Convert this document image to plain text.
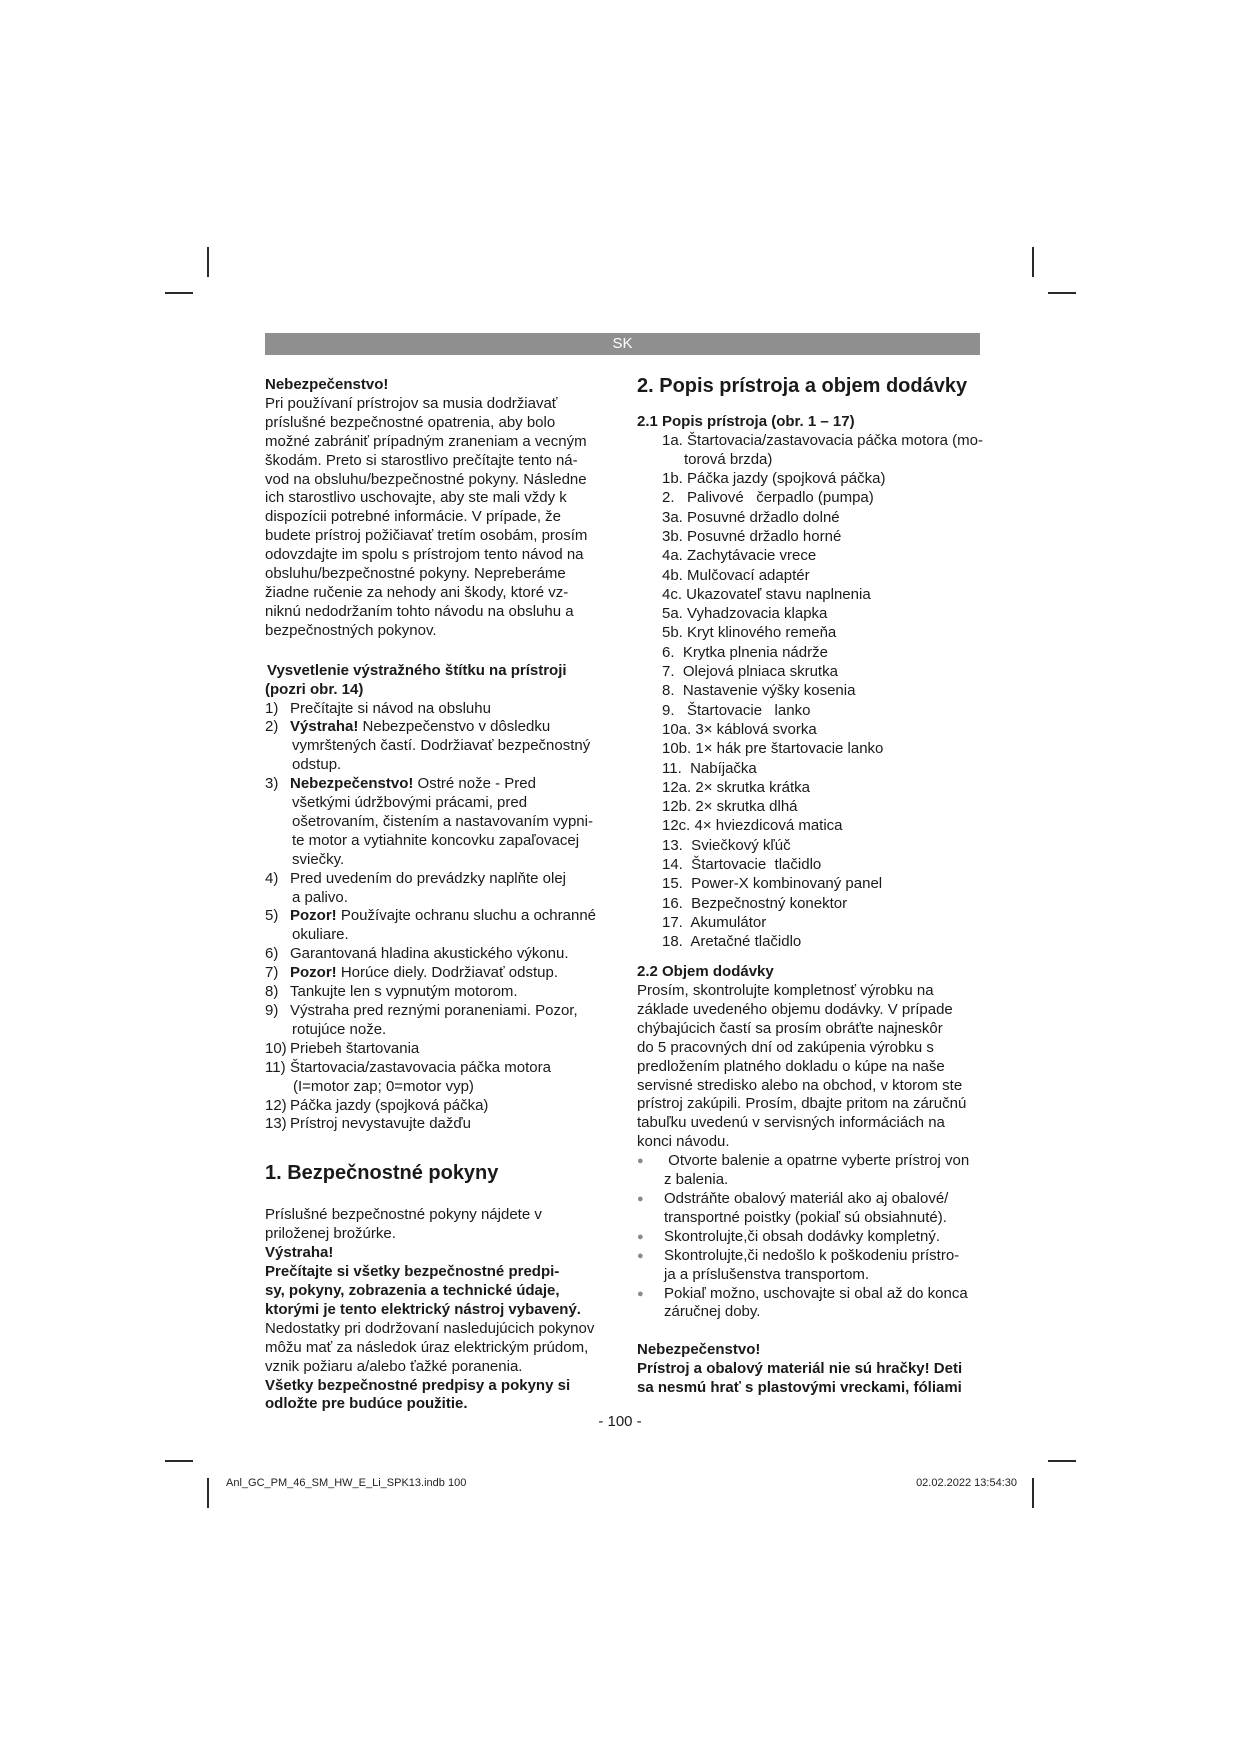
SK

Nebezpečenstvo!

Pri používaní prístrojov sa musia dodržiavať

príslušné bezpečnostné opatrenia, aby bolo

možné zabrániť prípadným zraneniam a vecným

škodám. Preto si starostlivo prečítajte tento ná-

vod na obsluhu/bezpečnostné pokyny. Následne

ich starostlivo uschovajte, aby ste mali vždy k

dispozícii potrebné informácie. V prípade, že

budete prístroj požičiavať tretím osobám, prosím

odovzdajte im spolu s prístrojom tento návod na

obsluhu/bezpečnostné pokyny. Nepreberáme

žiadne ručenie za nehody ani škody, ktoré vz-

niknú nedodržaním tohto návodu na obsluhu a

bezpečnostných pokynov.

Vysvetlenie výstražného štítku na prístroji

(pozri obr. 14)

1) Prečítajte si návod na obsluhu
2) Výstraha! Nebezpečenstvo v dôsledku
vymrštených častí. Dodržiavať bezpečnostný
odstup.
3) Nebezpečenstvo! Ostré nože - Pred
všetkými údržbovými prácami, pred
ošetrovaním, čistením a nastavovaním vypni-
te motor a vytiahnite koncovku zapaľovacej
sviečky.
4) Pred uvedením do prevádzky naplňte olej
a palivo.
5) Pozor! Používajte ochranu sluchu a ochranné
okuliare.
6) Garantovaná hladina akustického výkonu.
7) Pozor! Horúce diely. Dodržiavať odstup.
8) Tankujte len s vypnutým motorom.
9) Výstraha pred reznými poraneniami. Pozor,
rotujúce nože.
10) Priebeh štartovania
11) Štartovacia/zastavovacia páčka motora
(I=motor zap; 0=motor vyp)
12) Páčka jazdy (spojková páčka)
13) Prístroj nevystavujte dažďu

1. Bezpečnostné pokyny

Príslušné bezpečnostné pokyny nájdete v

priloženej brožúrke.

Výstraha!

Prečítajte si všetky bezpečnostné predpi-

sy, pokyny, zobrazenia a technické údaje,

ktorými je tento elektrický nástroj vybavený.

Nedostatky pri dodržovaní nasledujúcich pokynov

môžu mať za následok úraz elektrickým prúdom,

vznik požiaru a/alebo ťažké poranenia.

Všetky bezpečnostné predpisy a pokyny si

odložte pre budúce použitie.

2. Popis prístroja a objem dodávky

2.1 Popis prístroja (obr. 1 – 17)

1a. Štartovacia/zastavovacia páčka motora (mo-
torová brzda)
1b. Páčka jazdy (spojková páčka)
2.   Palivové   čerpadlo (pumpa)
3a. Posuvné držadlo dolné
3b. Posuvné držadlo horné
4a. Zachytávacie vrece
4b. Mulčovací adaptér
4c. Ukazovateľ stavu naplnenia
5a. Vyhadzovacia klapka
5b. Kryt klinového remeňa
6.  Krytka plnenia nádrže
7.  Olejová plniaca skrutka
8.  Nastavenie výšky kosenia
9.   Štartovacie   lanko
10a. 3× káblová svorka
10b. 1× hák pre štartovacie lanko
11.  Nabíjačka
12a. 2× skrutka krátka
12b. 2× skrutka dlhá
12c. 4× hviezdicová matica
13.  Sviečkový kľúč
14.  Štartovacie  tlačidlo
15.  Power-X kombinovaný panel
16.  Bezpečnostný konektor
17.  Akumulátor
18.  Aretačné tlačidlo

2.2 Objem dodávky

Prosím, skontrolujte kompletnosť výrobku na

základe uvedeného objemu dodávky. V prípade

chýbajúcich častí sa prosím obráťte najneskôr

do 5 pracovných dní od zakúpenia výrobku s

predložením platného dokladu o kúpe na naše

servisné stredisko alebo na obchod, v ktorom ste

prístroj zakúpili. Prosím, dbajte pritom na záručnú

tabuľku uvedenú v servisných informáciách na

konci návodu.

●  Otvorte balenie a opatrne vyberte prístroj von
z balenia.
● Odstráňte obalový materiál ako aj obalové/
transportné poistky (pokiaľ sú obsiahnuté).
● Skontrolujte,či obsah dodávky kompletný.
● Skontrolujte,či nedošlo k poškodeniu prístro-
ja a príslušenstva transportom.
● Pokiaľ možno, uschovajte si obal až do konca
záručnej doby.

Nebezpečenstvo!

Prístroj a obalový materiál nie sú hračky! Deti

sa nesmú hrať s plastovými vreckami, fóliami

- 100 -
Anl_GC_PM_46_SM_HW_E_Li_SPK13.indb 100	02.02.2022 13:54:30
